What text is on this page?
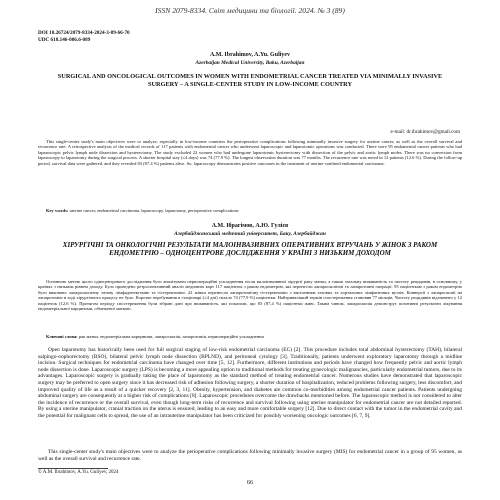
ISSN 2079-8334. Світ медицини та біології. 2024. № 3 (89)
DOI 10.26724/2079-8334-2024-3-89-66-70
UDC 618.146-006.6-089
A.M. Ibrahimov, A.Yu. Guliyev
Azerbaijan Medical University, Baku, Azerbaijan
SURGICAL AND ONCOLOGICAL OUTCOMES IN WOMEN WITH ENDOMETRIAL CANCER TREATED VIA MINIMALLY INVASIVE SURGERY – A SINGLE-CENTER STUDY IN LOW-INCOME COUNTRY
e-mail: dr.ibrahimov@gmail.com

This single-center study's main objectives were to analyze, especially in low-income countries the perioperative complications following minimally invasive surgery for uterine cancer, as well as the overall survival and recurrence rate. A retrospective analysis of the medical records of 117 patients with endometrial cancer who underwent laparoscopic and laparotomic operations was conducted. There were 95 endometrial cancer patients who had laparoscopic pelvic lymph node dissection and hysterectomy. The study excluded 22 women who had undergone laparotomic hysterectomy with dissection of the pelvic and aortic lymph nodes. There was no conversion from laparoscopy to laparotomy during the surgical process. A shorter hospital stay (≤4 days) was 74 (77.9 %). The longest observation duration was 77 months. The recurrence rate was noted in 12 patients (12.6 %). During the follow-up period, survival data were gathered, and they revealed 83 (87.4 %) patients alive. So, laparoscopy demonstrates positive outcomes in the treatment of uterine-confined endometrial carcinoma.

Key words: uterine cancer, endometrial carcinoma, laparoscopy, laparotomy, perioperative complications

А.М. Ібрагімов, А.Ю. Гулієв
Азербайджанський медичний університет, Баку, Азербайджан
ХІРУРГІЧНІ ТА ОНКОЛОГІЧНІ РЕЗУЛЬТАТИ МАЛОІНВАЗИВНИХ ОПЕРАТИВНИХ ВТРУЧАНЬ У ЖІНОК З РАКОМ ЕНДОМЕТРІЮ – ОДНОЦЕНТРОВЕ ДОСЛІДЖЕННЯ У КРАЇНІ З НИЗЬКИМ ДОХОДОМ

Основною метою цього одноцентрового дослідження було аналізувати периопераційні ускладнення після малоінвазивної хірургії раку матки, а також загальну виживаність та частоту рецидивів, в основному, у країнах з низьким рівнем доходу. Було проведено ретроспективний аналіз медичних карт 117 пацієнток з раком ендометрію, які перенесли лапароскопічні та лапаротомні операції. 95 пацієнткам з раком ендометрію було виконано лапароскопічну тазову лімфаденектомію та гістеректомію. 22 жінки перенесли лапаротомічну гістеректомію з висіченням тазових та аортальних лімфатичних вузлів. Конверсії з лапароскопії на лапаротомію в ході хірургічного процесу не було. Коротке перебування в стаціонарі (≤4 дні) склало 74 (77,9 %) пацієнтки. Найтриваліший термін спостереження становив 77 місяців. Частоту рецидивів відзначено у 12 пацієнток (12,6 %). Протягом періоду спостереження були зібрані дані про виживаність, які показали, що 83 (87,4 %) пацієнтки живі. Таким чином, лапароскопія демонструє позитивні результати лікування ендометріальної карциноми, обмеженої маткою.

Ключові слова: рак матки, ендометріальна карцинома, лапароскопія, лапаротомія, периопераційні ускладнення

Open laparotomy has historically been used for full surgical staging of low-risk endometrial carcinoma (EC) [2]. This procedure includes total abdominal hysterectomy (TAH), bilateral salpingo-oophorectomy (BSO), bilateral pelvic lymph node dissection (BPLND), and peritoneal cytology [3]. Traditionally, patients underwent exploratory laparotomy through a midline incision. Surgical techniques for endometrial carcinoma have changed over time [5, 12]. Furthermore, different institutions and periods have changed how frequently pelvic and aortic lymph node dissection is done. Laparoscopic surgery (LPS) is becoming a more appealing option to traditional methods for treating gynecologic malignancies, particularly endometrial tumors, due to its advantages. Laparoscopic surgery is gradually taking the place of laparotomy as the standard method of treating endometrial cancer. Numerous studies have demonstrated that laparoscopic surgery may be preferred to open surgery since it has decreased risk of adhesion following surgery, a shorter duration of hospitalization, reduced problems following surgery, less discomfort, and improved quality of life as a result of a quicker recovery [2, 3, 11]. Obesity, hypertension, and diabetes are common co-morbidities among endometrial cancer patients. Patients undergoing abdominal surgery are consequently at a higher risk of complications [8]. Laparoscopic procedures overcome the drawbacks mentioned before. The laparoscopic method is not considered to alter the incidence of recurrence or the overall survival, even though long-term risks of recurrence and survival following using uterine manipulator for endometrial cancer are not detailed reported. By using a uterine manipulator, cranial traction on the uterus is ensured, leading to an easy and more comfortable surgery [12]. Due to direct contact with the tumor in the endometrial cavity and the potential for malignant cells to spread, the use of an intrauterine manipulator has been criticized for possibly worsening oncologic outcomes [6, 7, 9].

This single-center study's main objectives were to analyze the perioperative complications following minimally invasive surgery (MIS) for endometrial cancer in a group of 95 women, as well as the overall survival and recurrence rate.

© A.M. Ibrahimov, A.Yu. Guliyev, 2024
66
